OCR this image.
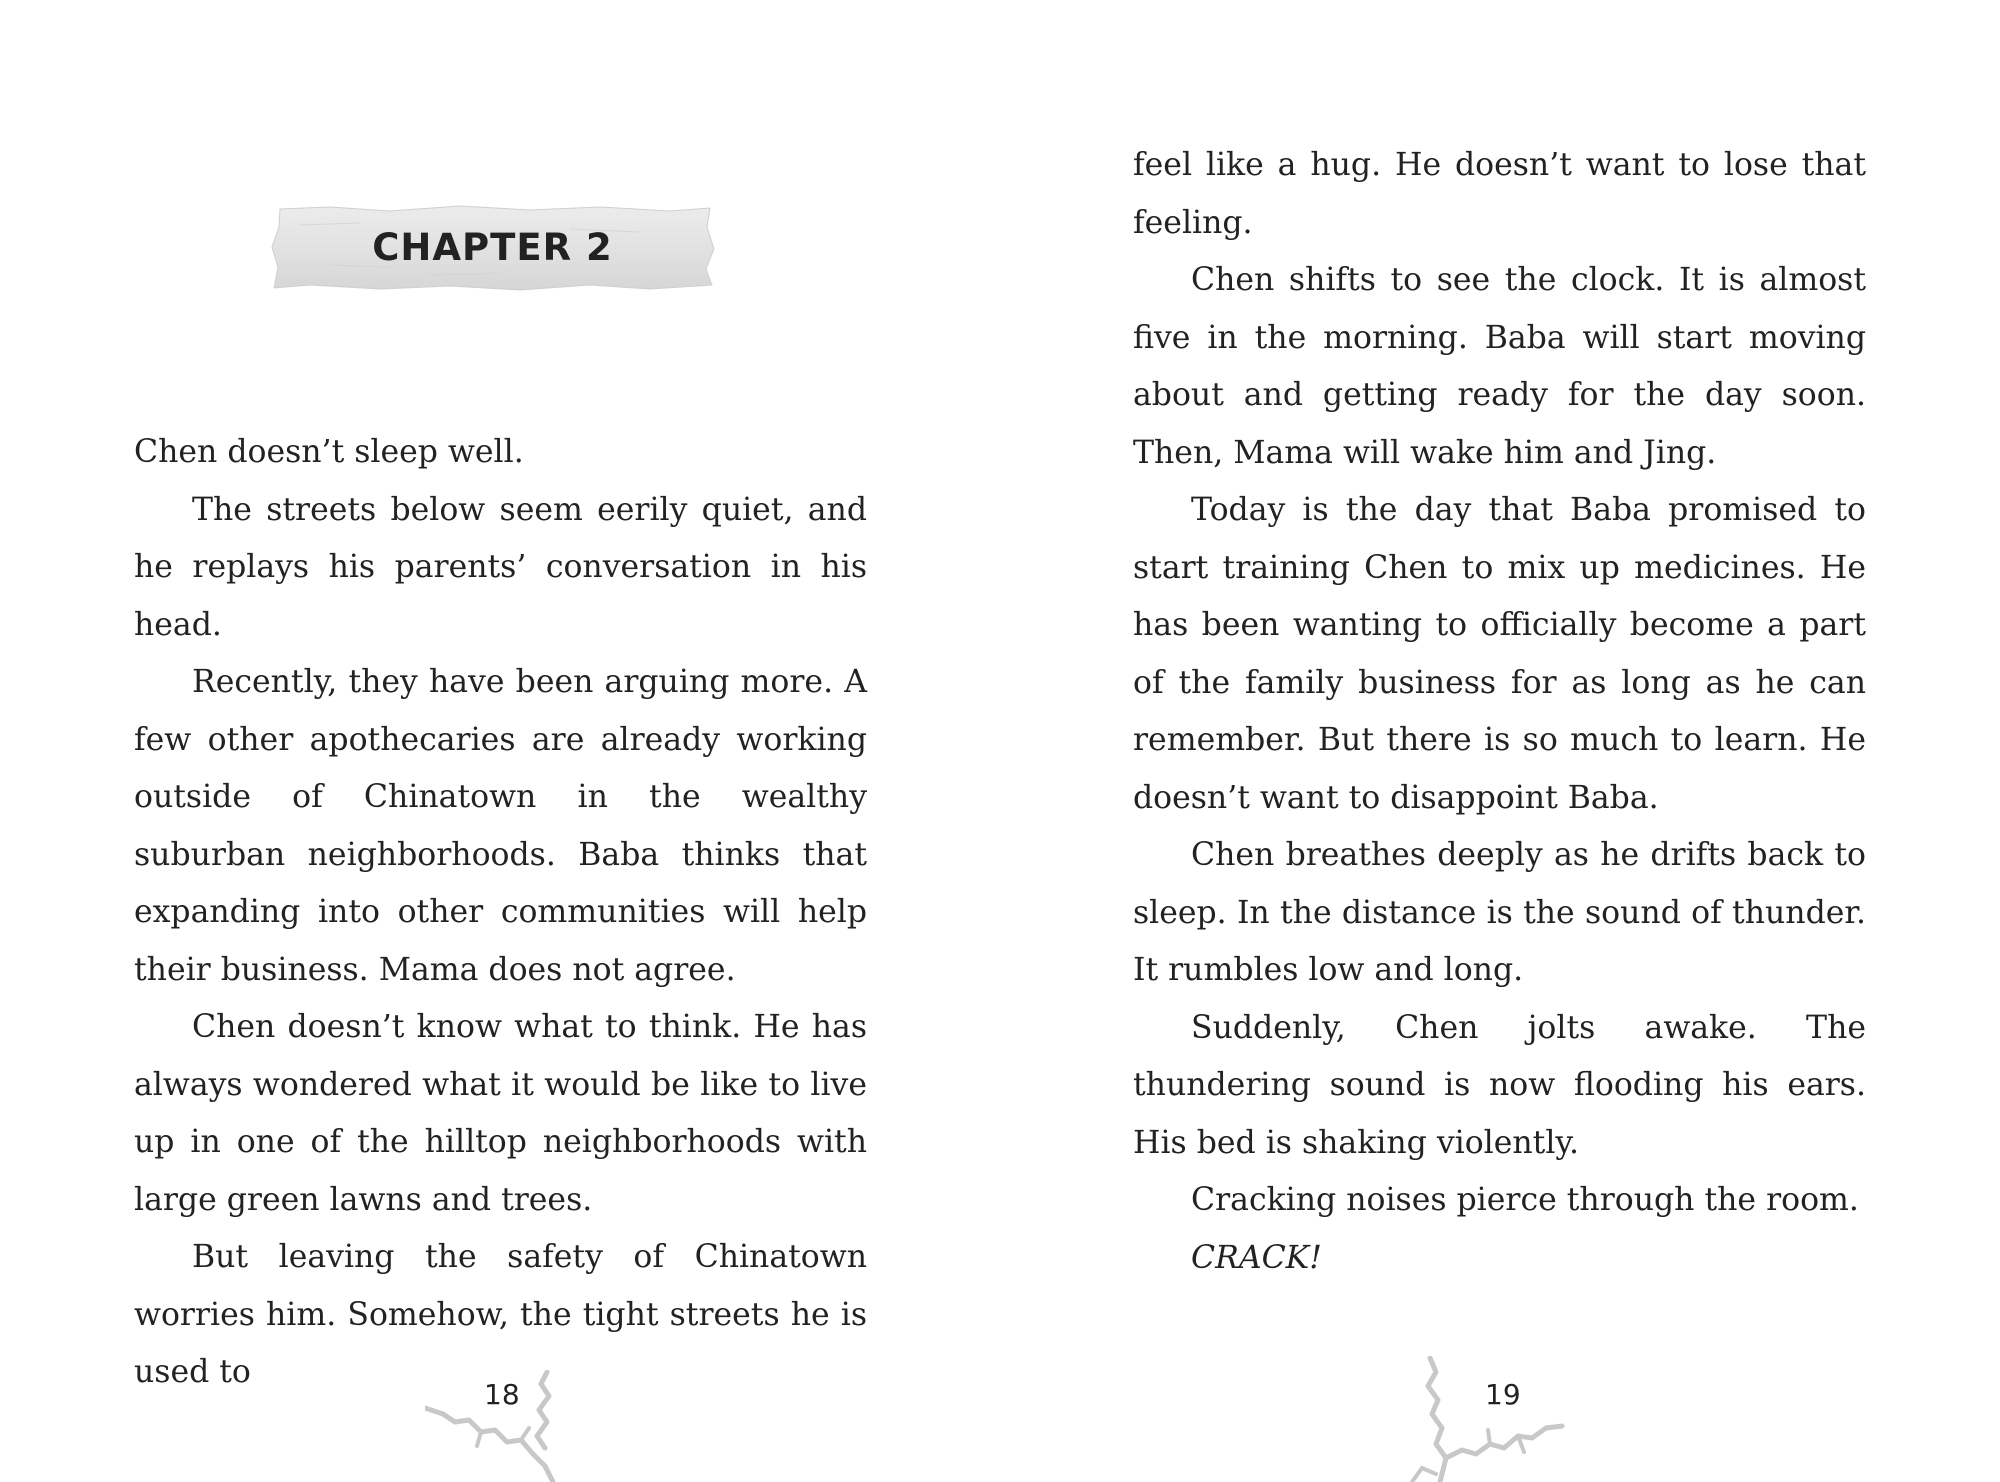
CHAPTER 2

Chen doesn’t sleep well.

The streets below seem eerily quiet, and he replays his parents’ conversation in his head.

Recently, they have been arguing more. A few other apothecaries are already working outside of Chinatown in the wealthy suburban neighborhoods. Baba thinks that expanding into other communities will help their business. Mama does not agree.

Chen doesn’t know what to think. He has always wondered what it would be like to live up in one of the hilltop neighborhoods with large green lawns and trees.

But leaving the safety of Chinatown worries him. Somehow, the tight streets he is used to

18

feel like a hug. He doesn’t want to lose that feeling.

Chen shifts to see the clock. It is almost five in the morning. Baba will start moving about and getting ready for the day soon. Then, Mama will wake him and Jing.

Today is the day that Baba promised to start training Chen to mix up medicines. He has been wanting to officially become a part of the family business for as long as he can remember. But there is so much to learn. He doesn’t want to disappoint Baba.

Chen breathes deeply as he drifts back to sleep. In the distance is the sound of thunder. It rumbles low and long.

Suddenly, Chen jolts awake. The thundering sound is now flooding his ears. His bed is shaking violently.

Cracking noises pierce through the room.

CRACK!

19
